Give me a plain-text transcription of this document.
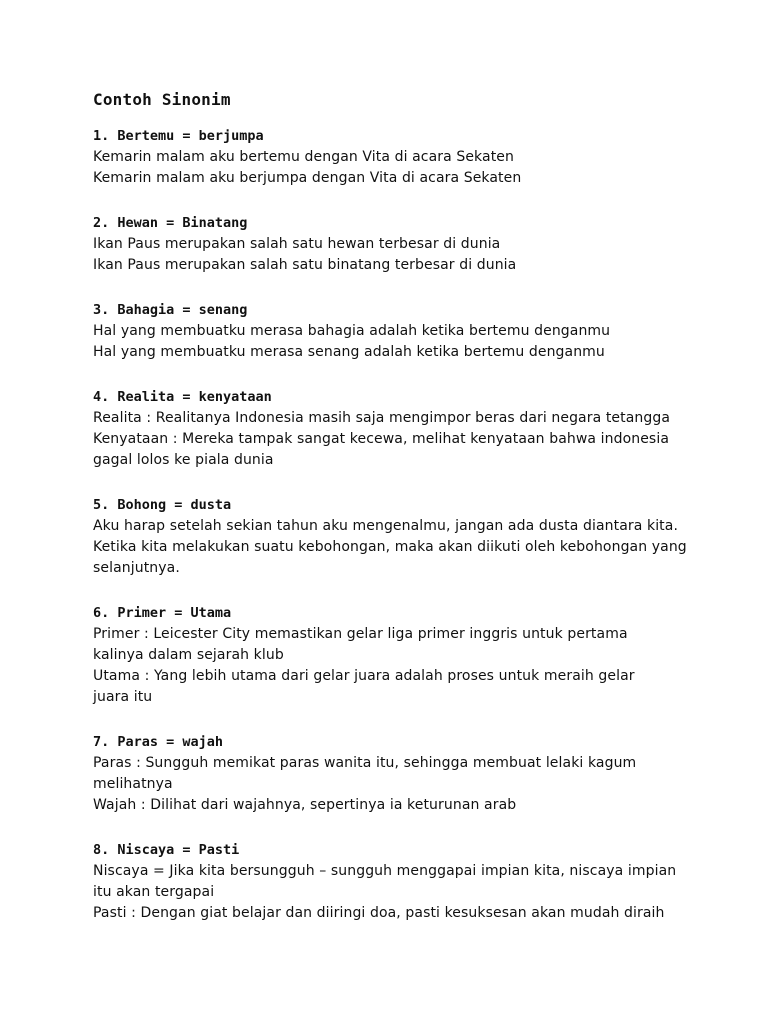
Contoh Sinonim
1. Bertemu = berjumpa
Kemarin malam aku bertemu dengan Vita di acara Sekaten
Kemarin malam aku berjumpa dengan Vita di acara Sekaten
2. Hewan = Binatang
Ikan Paus merupakan salah satu hewan terbesar di dunia
Ikan Paus merupakan salah satu binatang terbesar di dunia
3. Bahagia = senang
Hal yang membuatku merasa bahagia adalah ketika bertemu denganmu
Hal yang membuatku merasa senang adalah ketika bertemu denganmu
4. Realita = kenyataan
Realita : Realitanya Indonesia masih saja mengimpor beras dari negara tetangga
Kenyataan : Mereka tampak sangat kecewa, melihat kenyataan bahwa indonesia
gagal lolos ke piala dunia
5. Bohong = dusta
Aku harap setelah sekian tahun aku mengenalmu, jangan ada dusta diantara kita.
Ketika kita melakukan suatu kebohongan, maka akan diikuti oleh kebohongan yang
selanjutnya.
6. Primer = Utama
Primer : Leicester City memastikan gelar liga primer inggris untuk pertama
kalinya dalam sejarah klub
Utama : Yang lebih utama dari gelar juara adalah proses untuk meraih gelar
juara itu
7. Paras = wajah
Paras : Sungguh memikat paras wanita itu, sehingga membuat lelaki kagum
melihatnya
Wajah : Dilihat dari wajahnya, sepertinya ia keturunan arab
8. Niscaya = Pasti
Niscaya = Jika kita bersungguh – sungguh menggapai impian kita, niscaya impian
itu akan tergapai
Pasti : Dengan giat belajar dan diiringi doa, pasti kesuksesan akan mudah diraih
